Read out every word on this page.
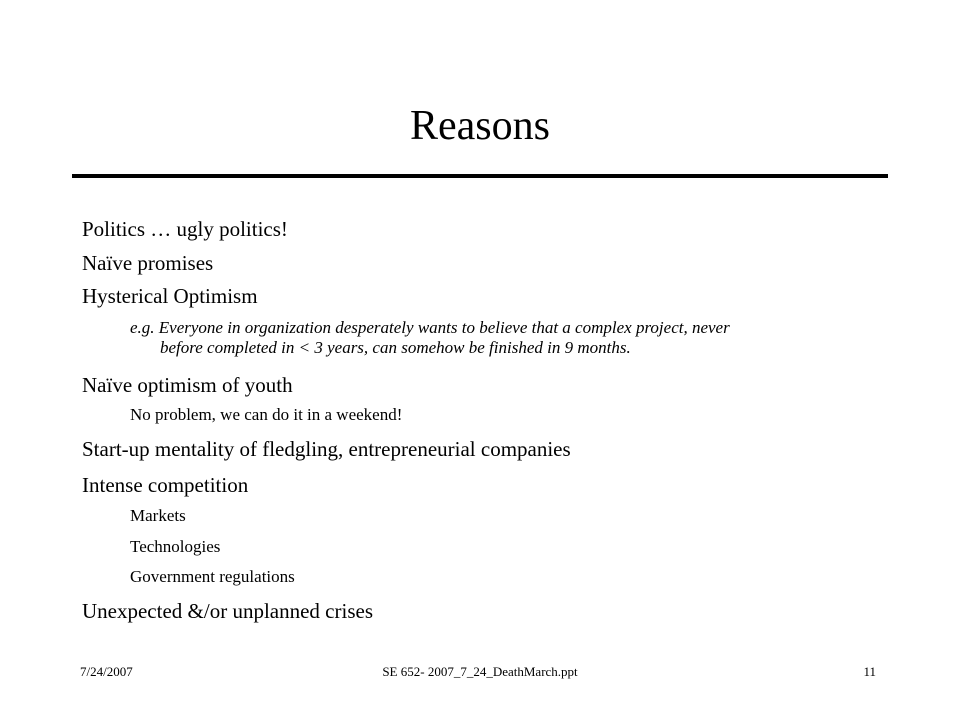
Reasons
Politics … ugly politics!
Naïve promises
Hysterical Optimism
e.g. Everyone in organization desperately wants to believe that a complex project, never
before completed in < 3 years, can somehow be finished in 9 months.
Naïve optimism of youth
No problem, we can do it in a weekend!
Start-up mentality of fledgling, entrepreneurial companies
Intense competition
Markets
Technologies
Government regulations
Unexpected &/or unplanned crises
7/24/2007	SE 652- 2007_7_24_DeathMarch.ppt	11
